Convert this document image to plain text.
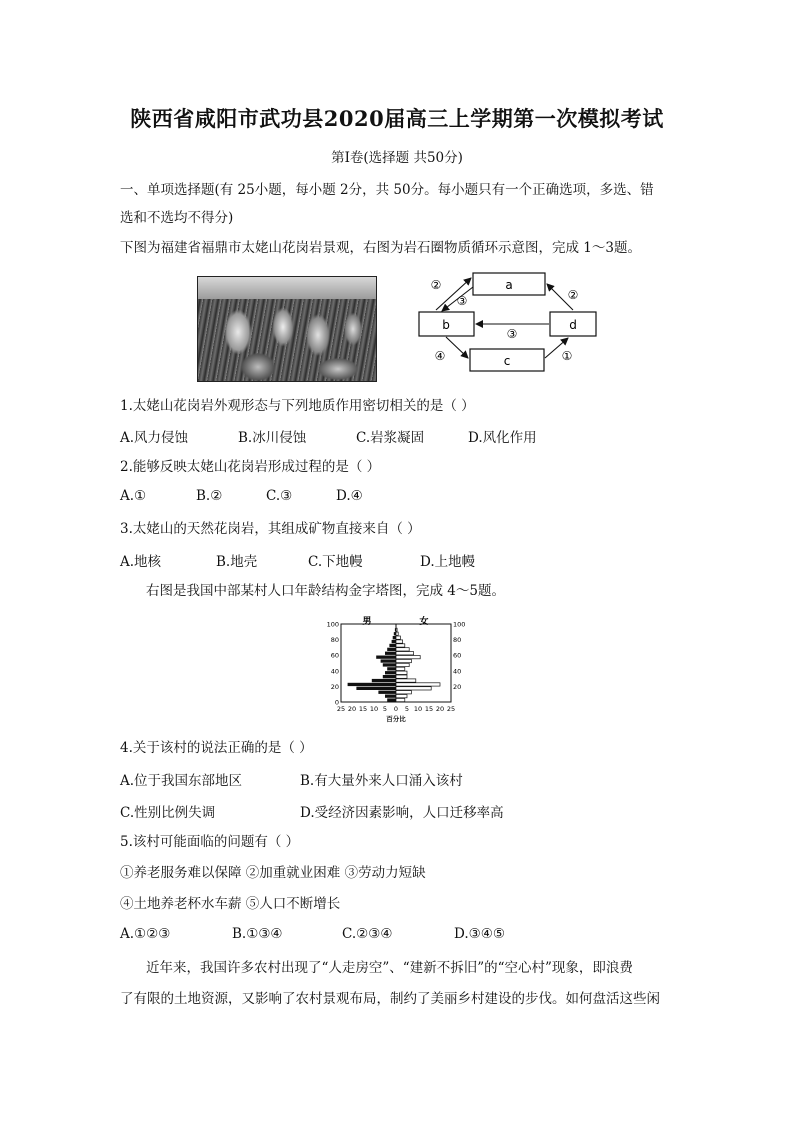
陕西省咸阳市武功县2020届高三上学期第一次模拟考试
第Ⅰ卷(选择题 共50分)
一、单项选择题(有 25小题，每小题 2分，共 50分。每小题只有一个正确选项，多选、错
选和不选均不得分)
下图为福建省福鼎市太姥山花岗岩景观，右图为岩石圈物质循环示意图，完成 1～3题。
a
b
c
d
②
③	②
③
④	①
1.太姥山花岗岩外观形态与下列地质作用密切相关的是（ ）
A.风力侵蚀	B.冰川侵蚀	C.岩浆凝固	D.风化作用
2.能够反映太姥山花岗岩形成过程的是（ ）
A.①	B.②	C.③	D.④
3.太姥山的天然花岗岩，其组成矿物直接来自（ ）
A.地核	B.地壳	C.下地幔	D.上地幔
右图是我国中部某村人口年龄结构金字塔图，完成 4～5题。
男	女
0
20
40
60
80
100
20
40
60
80
100
25 20 15 10 5 0 5 10 15 20 25
百分比
4.关于该村的说法正确的是（ ）
A.位于我国东部地区	B.有大量外来人口涌入该村
C.性别比例失调	D.受经济因素影响，人口迁移率高
5.该村可能面临的问题有（ ）
①养老服务难以保障 ②加重就业困难 ③劳动力短缺
④土地养老杯水车薪 ⑤人口不断增长
A.①②③	B.①③④	C.②③④	D.③④⑤
近年来，我国许多农村出现了“人走房空”、“建新不拆旧”的“空心村”现象，即浪费
了有限的土地资源，又影响了农村景观布局，制约了美丽乡村建设的步伐。如何盘活这些闲
